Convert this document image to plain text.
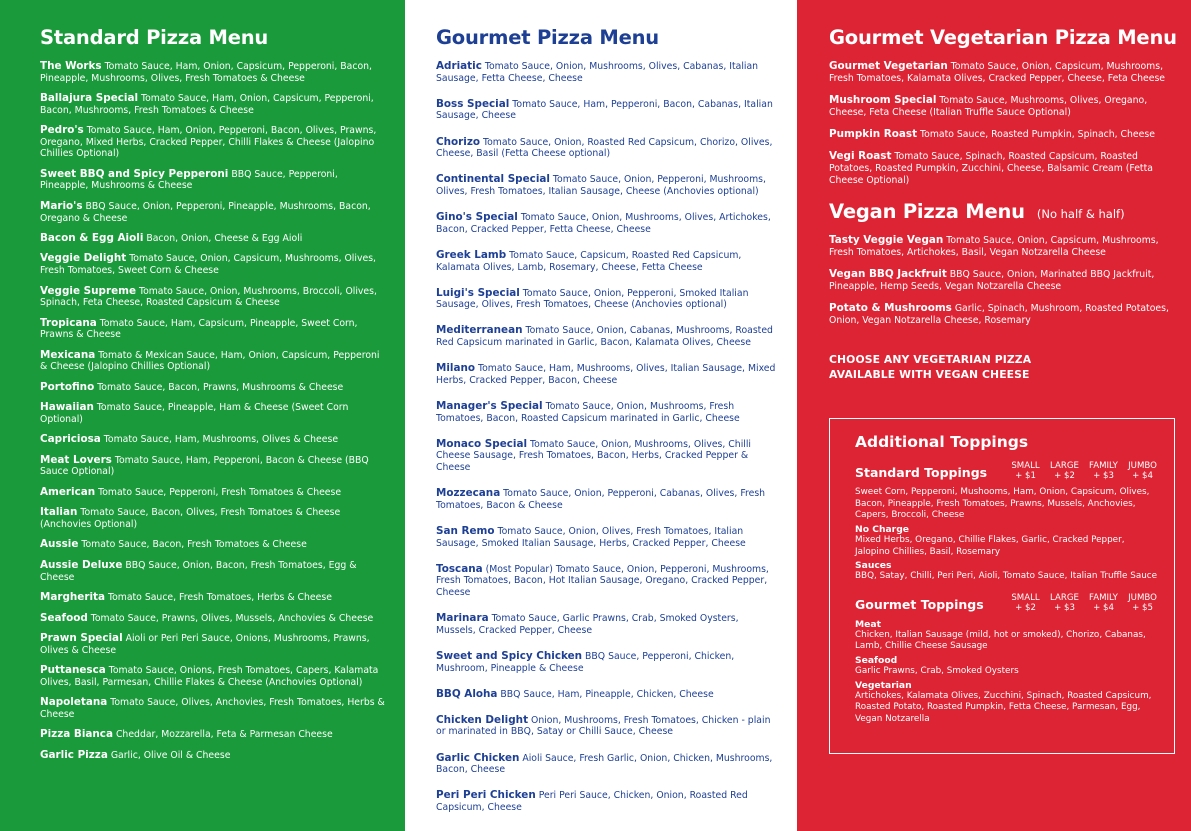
Standard Pizza Menu

The Works Tomato Sauce, Ham, Onion, Capsicum, Pepperoni, Bacon, Pineapple, Mushrooms, Olives, Fresh Tomatoes & Cheese

Ballajura Special Tomato Sauce, Ham, Onion, Capsicum, Pepperoni, Bacon, Mushrooms, Fresh Tomatoes & Cheese

Pedro's Tomato Sauce, Ham, Onion, Pepperoni, Bacon, Olives, Prawns, Oregano, Mixed Herbs, Cracked Pepper, Chilli Flakes & Cheese (Jalopino Chillies Optional)

Sweet BBQ and Spicy Pepperoni BBQ Sauce, Pepperoni, Pineapple, Mushrooms & Cheese

Mario's BBQ Sauce, Onion, Pepperoni, Pineapple, Mushrooms, Bacon, Oregano & Cheese

Bacon & Egg Aioli Bacon, Onion, Cheese & Egg Aioli

Veggie Delight Tomato Sauce, Onion, Capsicum, Mushrooms, Olives, Fresh Tomatoes, Sweet Corn & Cheese

Veggie Supreme Tomato Sauce, Onion, Mushrooms, Broccoli, Olives, Spinach, Feta Cheese, Roasted Capsicum & Cheese

Tropicana Tomato Sauce, Ham, Capsicum, Pineapple, Sweet Corn, Prawns & Cheese

Mexicana Tomato & Mexican Sauce, Ham, Onion, Capsicum, Pepperoni & Cheese (Jalopino Chillies Optional)

Portofino Tomato Sauce, Bacon, Prawns, Mushrooms & Cheese

Hawaiian Tomato Sauce, Pineapple, Ham & Cheese (Sweet Corn Optional)

Capriciosa Tomato Sauce, Ham, Mushrooms, Olives & Cheese

Meat Lovers Tomato Sauce, Ham, Pepperoni, Bacon & Cheese (BBQ Sauce Optional)

American Tomato Sauce, Pepperoni, Fresh Tomatoes & Cheese

Italian Tomato Sauce, Bacon, Olives, Fresh Tomatoes & Cheese (Anchovies Optional)

Aussie Tomato Sauce, Bacon, Fresh Tomatoes & Cheese

Aussie Deluxe BBQ Sauce, Onion, Bacon, Fresh Tomatoes, Egg & Cheese

Margherita Tomato Sauce, Fresh Tomatoes, Herbs & Cheese

Seafood Tomato Sauce, Prawns, Olives, Mussels, Anchovies & Cheese

Prawn Special Aioli or Peri Peri Sauce, Onions, Mushrooms, Prawns, Olives & Cheese

Puttanesca Tomato Sauce, Onions, Fresh Tomatoes, Capers, Kalamata Olives, Basil, Parmesan, Chillie Flakes & Cheese (Anchovies Optional)

Napoletana Tomato Sauce, Olives, Anchovies, Fresh Tomatoes, Herbs & Cheese

Pizza Bianca Cheddar, Mozzarella, Feta & Parmesan Cheese

Garlic Pizza Garlic, Olive Oil & Cheese

Gourmet Pizza Menu

Adriatic Tomato Sauce, Onion, Mushrooms, Olives, Cabanas, Italian Sausage, Fetta Cheese, Cheese

Boss Special Tomato Sauce, Ham, Pepperoni, Bacon, Cabanas, Italian Sausage, Cheese

Chorizo Tomato Sauce, Onion, Roasted Red Capsicum, Chorizo, Olives, Cheese, Basil (Fetta Cheese optional)

Continental Special Tomato Sauce, Onion, Pepperoni, Mushrooms, Olives, Fresh Tomatoes, Italian Sausage, Cheese (Anchovies optional)

Gino's Special Tomato Sauce, Onion, Mushrooms, Olives, Artichokes, Bacon, Cracked Pepper, Fetta Cheese, Cheese

Greek Lamb Tomato Sauce, Capsicum, Roasted Red Capsicum, Kalamata Olives, Lamb, Rosemary, Cheese, Fetta Cheese

Luigi's Special Tomato Sauce, Onion, Pepperoni, Smoked Italian Sausage, Olives, Fresh Tomatoes, Cheese (Anchovies optional)

Mediterranean Tomato Sauce, Onion, Cabanas, Mushrooms, Roasted Red Capsicum marinated in Garlic, Bacon, Kalamata Olives, Cheese

Milano Tomato Sauce, Ham, Mushrooms, Olives, Italian Sausage, Mixed Herbs, Cracked Pepper, Bacon, Cheese

Manager's Special Tomato Sauce, Onion, Mushrooms, Fresh Tomatoes, Bacon, Roasted Capsicum marinated in Garlic, Cheese

Monaco Special Tomato Sauce, Onion, Mushrooms, Olives, Chilli Cheese Sausage, Fresh Tomatoes, Bacon, Herbs, Cracked Pepper & Cheese

Mozzecana Tomato Sauce, Onion, Pepperoni, Cabanas, Olives, Fresh Tomatoes, Bacon & Cheese

San Remo Tomato Sauce, Onion, Olives, Fresh Tomatoes, Italian Sausage, Smoked Italian Sausage, Herbs, Cracked Pepper, Cheese

Toscana (Most Popular) Tomato Sauce, Onion, Pepperoni, Mushrooms, Fresh Tomatoes, Bacon, Hot Italian Sausage, Oregano, Cracked Pepper, Cheese

Marinara Tomato Sauce, Garlic Prawns, Crab, Smoked Oysters, Mussels, Cracked Pepper, Cheese

Sweet and Spicy Chicken BBQ Sauce, Pepperoni, Chicken, Mushroom, Pineapple & Cheese

BBQ Aloha BBQ Sauce, Ham, Pineapple, Chicken, Cheese

Chicken Delight Onion, Mushrooms, Fresh Tomatoes, Chicken - plain or marinated in BBQ, Satay or Chilli Sauce, Cheese

Garlic Chicken Aioli Sauce, Fresh Garlic, Onion, Chicken, Mushrooms, Bacon, Cheese

Peri Peri Chicken Peri Peri Sauce, Chicken, Onion, Roasted Red Capsicum, Cheese

Gourmet Vegetarian Pizza Menu

Gourmet Vegetarian Tomato Sauce, Onion, Capsicum, Mushrooms, Fresh Tomatoes, Kalamata Olives, Cracked Pepper, Cheese, Feta Cheese

Mushroom Special Tomato Sauce, Mushrooms, Olives, Oregano, Cheese, Feta Cheese (Italian Truffle Sauce Optional)

Pumpkin Roast Tomato Sauce, Roasted Pumpkin, Spinach, Cheese

Vegi Roast Tomato Sauce, Spinach, Roasted Capsicum, Roasted Potatoes, Roasted Pumpkin, Zucchini, Cheese, Balsamic Cream (Fetta Cheese Optional)

Vegan Pizza Menu (No half & half)

Tasty Veggie Vegan Tomato Sauce, Onion, Capsicum, Mushrooms, Fresh Tomatoes, Artichokes, Basil, Vegan Notzarella Cheese

Vegan BBQ Jackfruit BBQ Sauce, Onion, Marinated BBQ Jackfruit, Pineapple, Hemp Seeds, Vegan Notzarella Cheese

Potato & Mushrooms Garlic, Spinach, Mushroom, Roasted Potatoes, Onion, Vegan Notzarella Cheese, Rosemary

CHOOSE ANY VEGETARIAN PIZZA
AVAILABLE WITH VEGAN CHEESE
Additional Toppings
Standard Toppings	SMALL
+ $1
LARGE
+ $2
FAMILY
+ $3
JUMBO
+ $4
Sweet Corn, Pepperoni, Mushooms, Ham, Onion, Capsicum, Olives, Bacon, Pineapple, Fresh Tomatoes, Prawns, Mussels, Anchovies, Capers, Broccoli, Cheese
No Charge
Mixed Herbs, Oregano, Chillie Flakes, Garlic, Cracked Pepper, Jalopino Chillies, Basil, Rosemary
Sauces
BBQ, Satay, Chilli, Peri Peri, Aioli, Tomato Sauce, Italian Truffle Sauce
Gourmet Toppings	SMALL
+ $2
LARGE
+ $3
FAMILY
+ $4
JUMBO
+ $5
Meat
Chicken, Italian Sausage (mild, hot or smoked), Chorizo, Cabanas, Lamb, Chillie Cheese Sausage
Seafood
Garlic Prawns, Crab, Smoked Oysters
Vegetarian
Artichokes, Kalamata Olives, Zucchini, Spinach, Roasted Capsicum, Roasted Potato, Roasted Pumpkin, Fetta Cheese, Parmesan, Egg, Vegan Notzarella
